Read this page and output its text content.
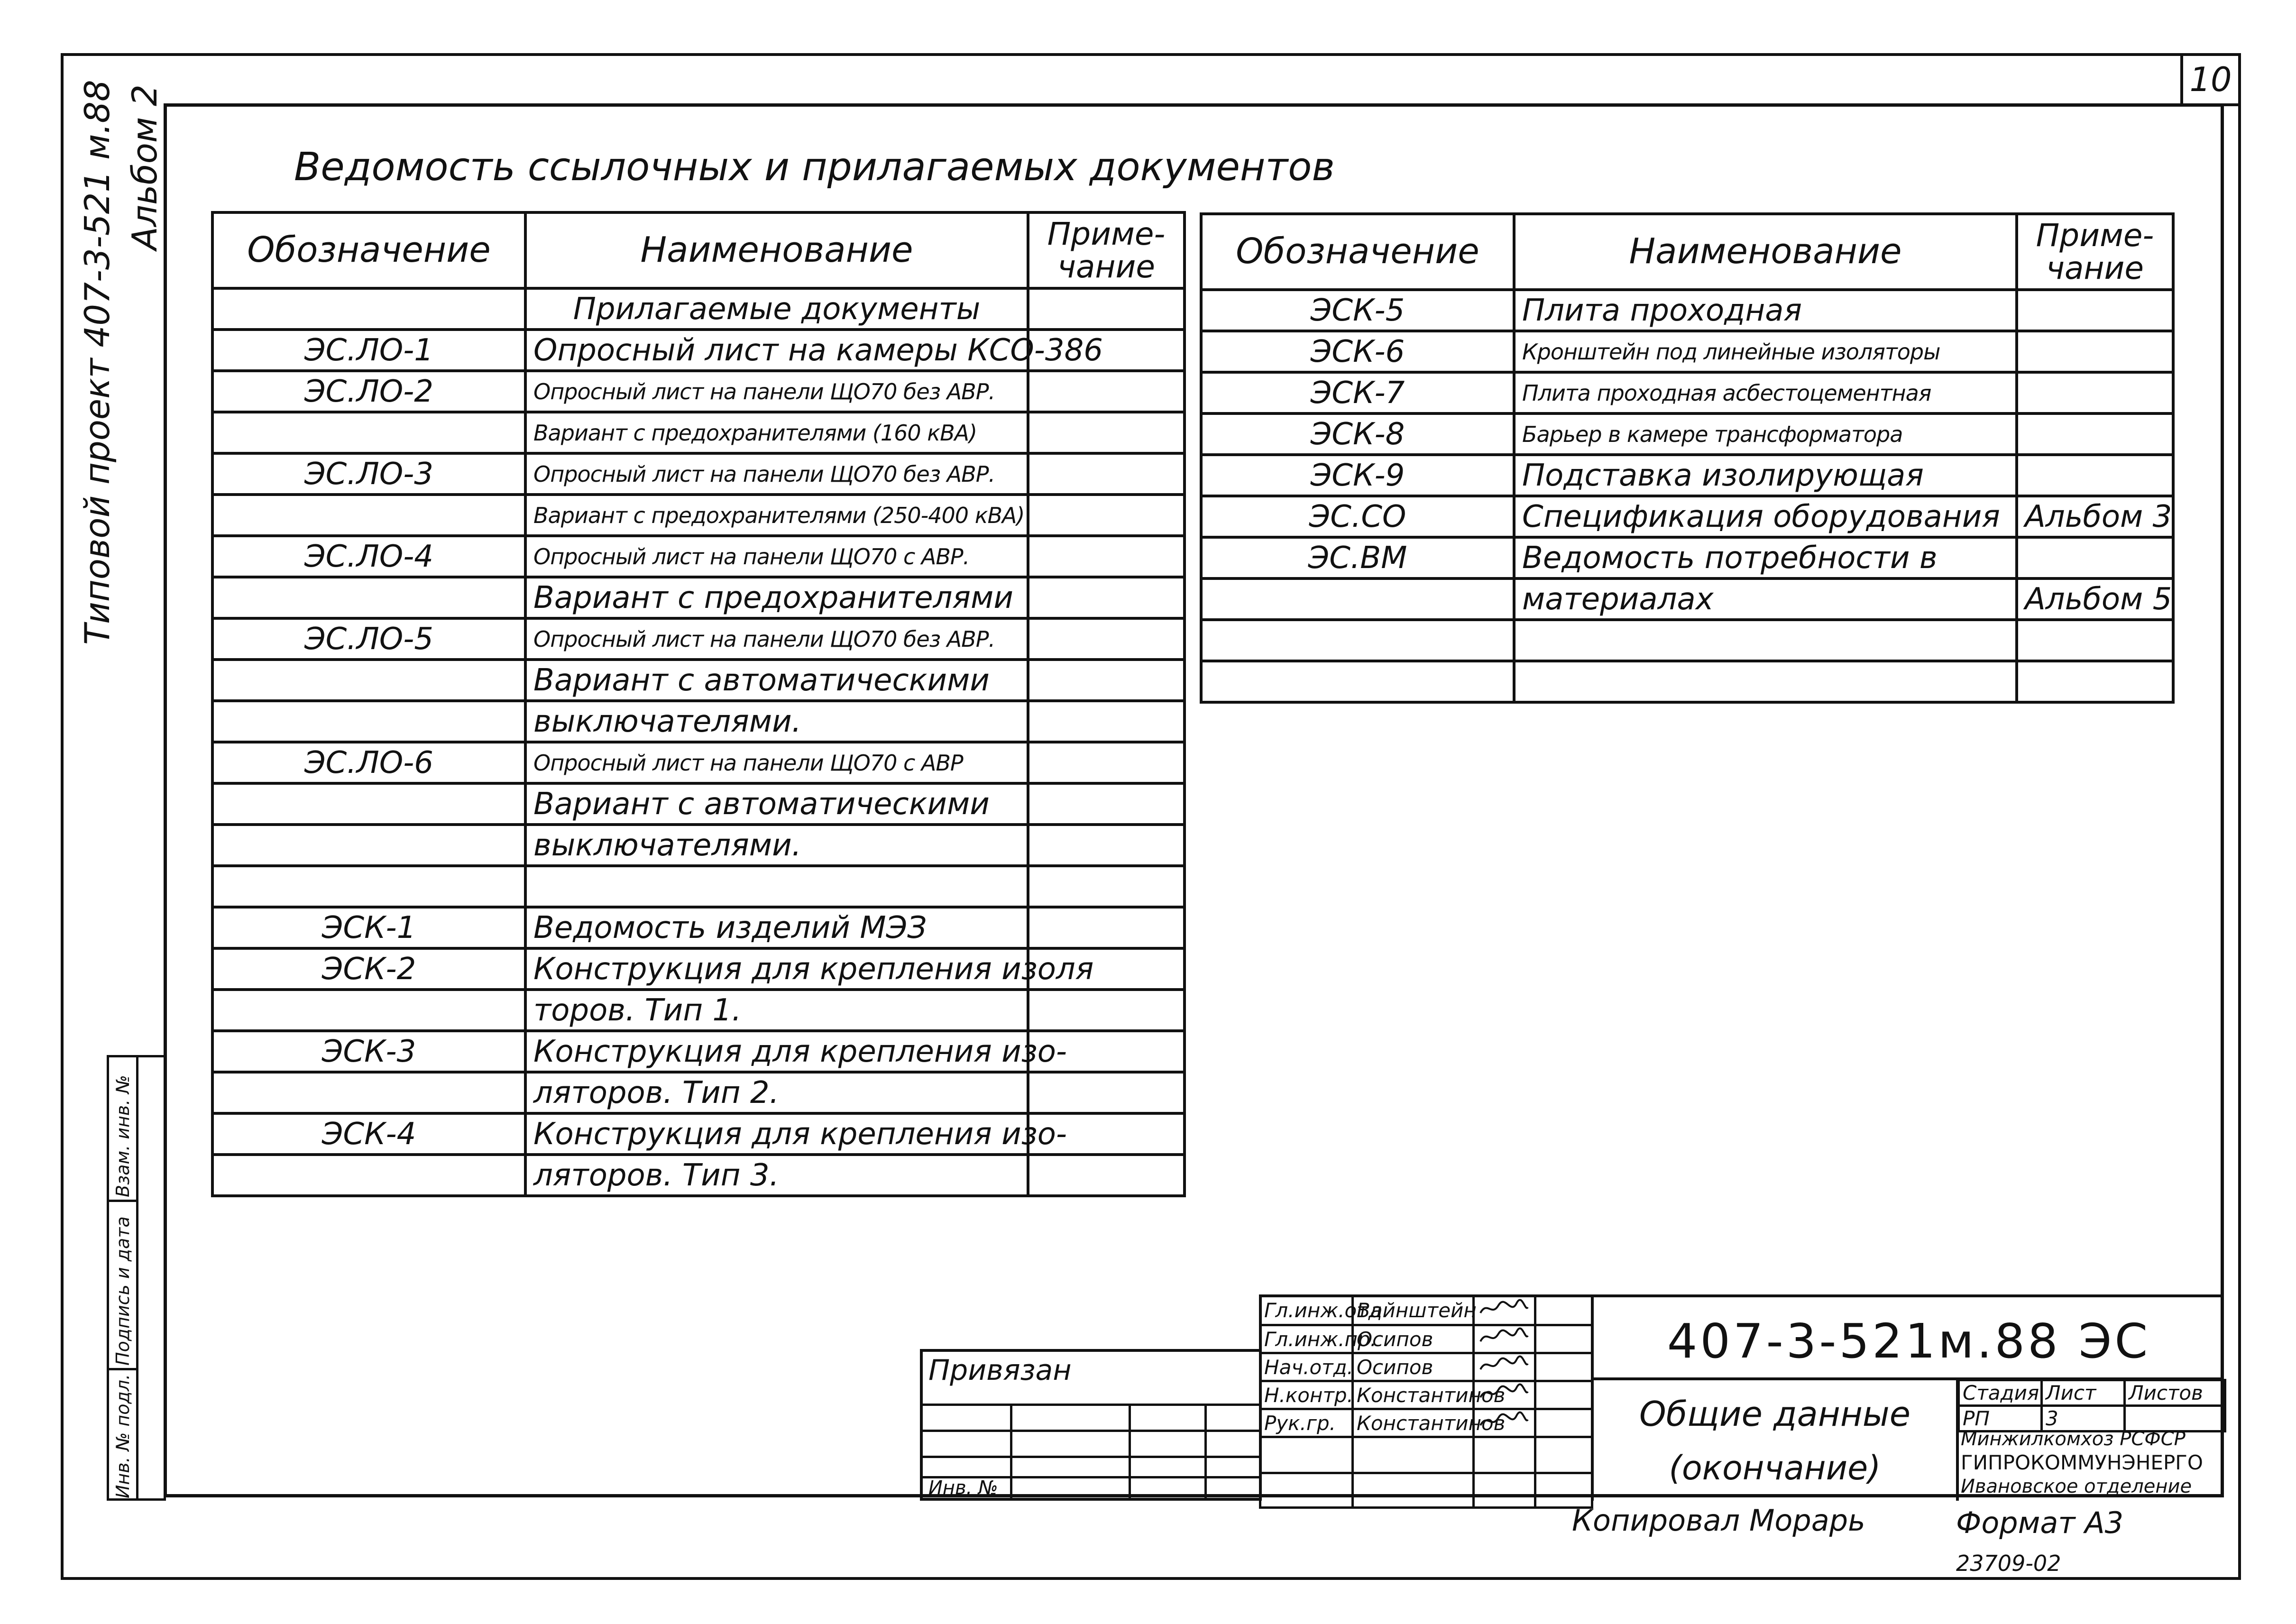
10
Типовой проект 407-3-521 м.88 Альбом 2
Инв. № подл.
Подпись и дата
Взам. инв. №
Ведомость ссылочных и прилагаемых документов
Обозначение	Наименование	Приме-
чание
	Прилагаемые документы	
ЭС.ЛО-1	Опросный лист на камеры КСО-386	
ЭС.ЛО-2	Опросный лист на панели ЩО70 без АВР.	
	Вариант с предохранителями (160 кВА)	
ЭС.ЛО-3	Опросный лист на панели ЩО70 без АВР.	
	Вариант с предохранителями (250-400 кВА)	
ЭС.ЛО-4	Опросный лист на панели ЩО70 с АВР.	
	Вариант с предохранителями	
ЭС.ЛО-5	Опросный лист на панели ЩО70 без АВР.	
	Вариант с автоматическими	
	выключателями.	
ЭС.ЛО-6	Опросный лист на панели ЩО70 с АВР	
	Вариант с автоматическими	
	выключателями.	

ЭСК-1	Ведомость изделий МЭЗ	
ЭСК-2	Конструкция для крепления изоля	
	торов. Тип 1.	
ЭСК-3	Конструкция для крепления изо-	
	ляторов. Тип 2.	
ЭСК-4	Конструкция для крепления изо-	
	ляторов. Тип 3.	
Обозначение	Наименование	Приме-
чание
ЭСК-5	Плита проходная	
ЭСК-6	Кронштейн под линейные изоляторы	
ЭСК-7	Плита проходная асбестоцементная	
ЭСК-8	Барьер в камере трансформатора	
ЭСК-9	Подставка изолирующая	
ЭС.СО	Спецификация оборудования	Альбом 3
ЭС.ВМ	Ведомость потребности в	
	материалах	Альбом 5

Привязан
Инв. №
Гл.инж.отд.	Вайнштейн		
Гл.инж.пр.	Осипов		
Нач.отд.	Осипов		
Н.контр.	Константинов		
Рук.гр.	Константинов		

407-3-521м.88 ЭС
Общие данные
(окончание)
Стадия	Лист	Листов
РП	3	
Минжилкомхоз РСФСР
ГИПРОКОММУНЭНЕРГО
Ивановское отделение
Копировал Морарь	Формат А3
23709-02
